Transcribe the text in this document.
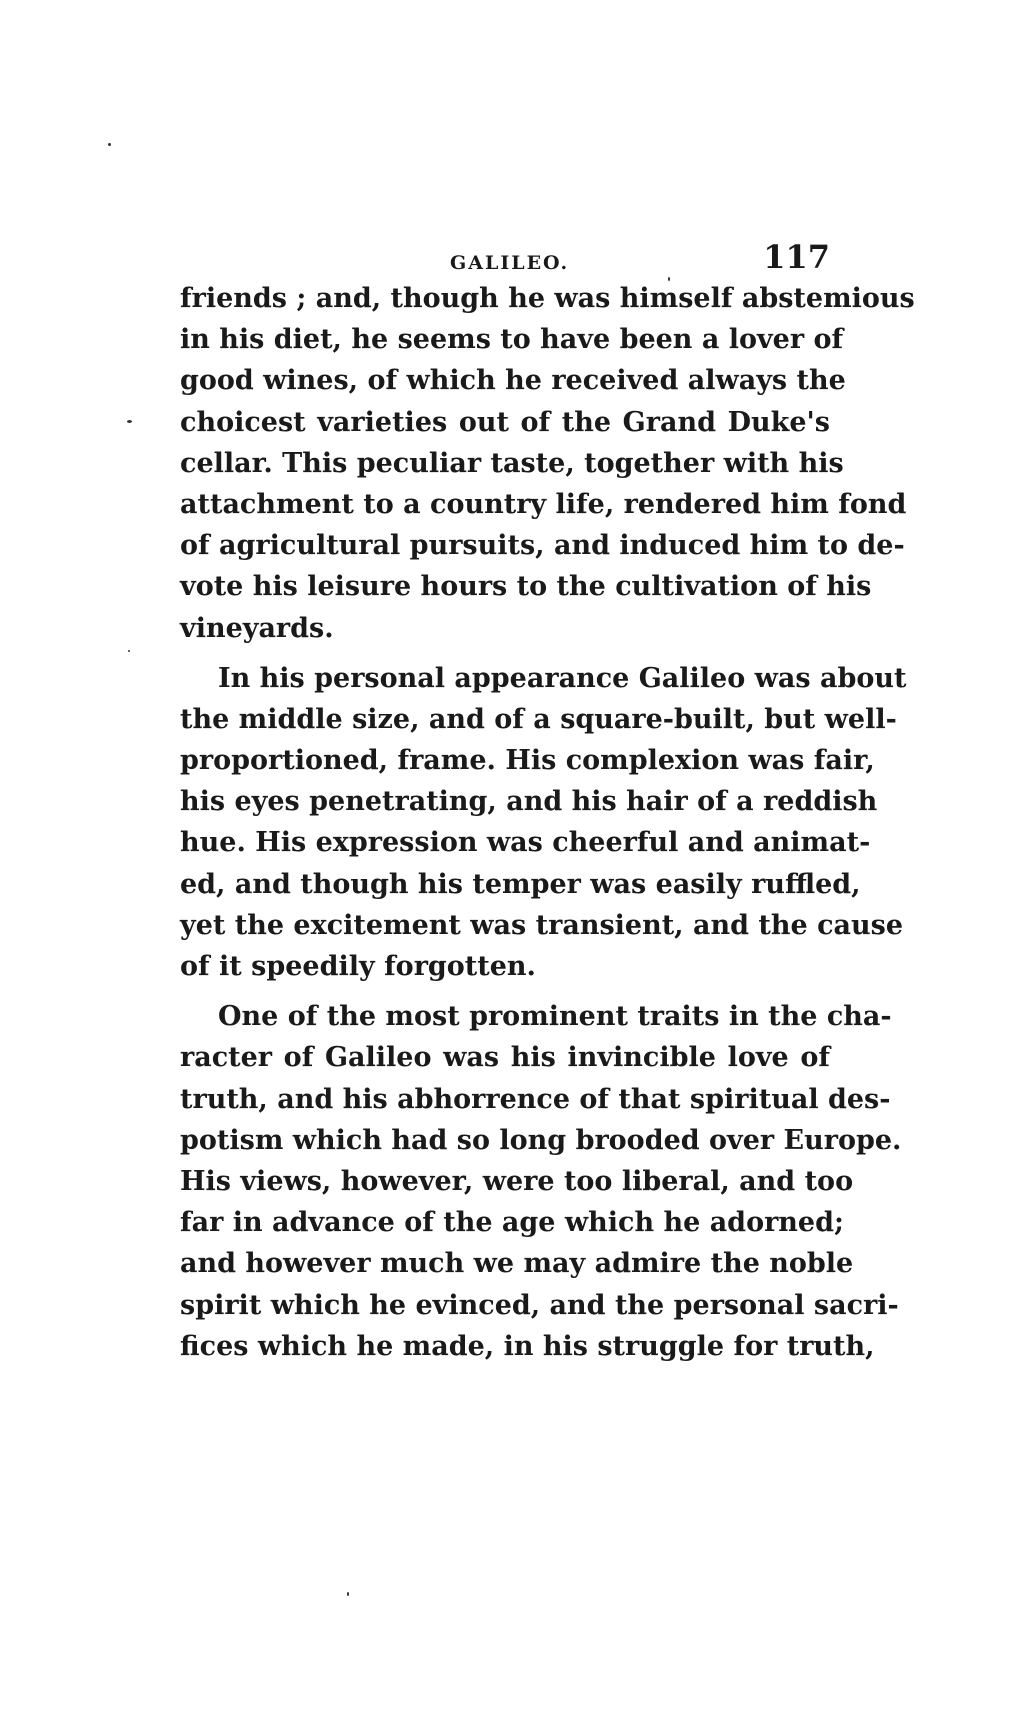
GALILEO.	117
friends ; and, though he was himself abstemious
in his diet, he seems to have been a lover of
good wines, of which he received always the
choicest varieties out of the Grand Duke's
cellar. This peculiar taste, together with his
attachment to a country life, rendered him fond
of agricultural pursuits, and induced him to de-
vote his leisure hours to the cultivation of his
vineyards.
In his personal appearance Galileo was about
the middle size, and of a square-built, but well-
proportioned, frame. His complexion was fair,
his eyes penetrating, and his hair of a reddish
hue. His expression was cheerful and animat-
ed, and though his temper was easily ruffled,
yet the excitement was transient, and the cause
of it speedily forgotten.
One of the most prominent traits in the cha-
racter of Galileo was his invincible love of
truth, and his abhorrence of that spiritual des-
potism which had so long brooded over Europe.
His views, however, were too liberal, and too
far in advance of the age which he adorned;
and however much we may admire the noble
spirit which he evinced, and the personal sacri-
fices which he made, in his struggle for truth,
